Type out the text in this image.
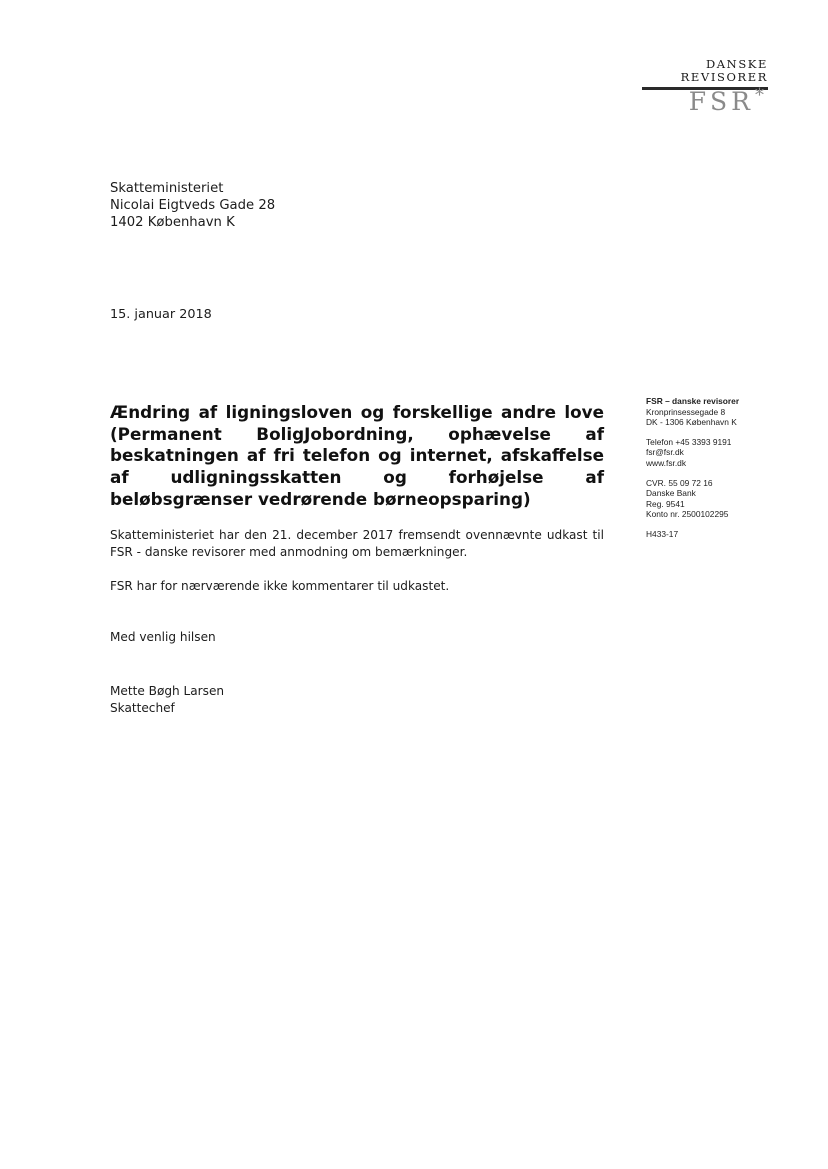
DANSKE
REVISORER
FSR *
Skatteministeriet
Nicolai Eigtveds Gade 28
1402 København K
15. januar 2018
Ændring af ligningsloven og forskellige andre love (Permanent BoligJobordning, ophævelse af beskatningen af fri telefon og internet, afskaffelse af udligningsskatten og forhøjelse af beløbsgrænser vedrørende børneopsparing)
Skatteministeriet har den 21. december 2017 fremsendt ovennævnte udkast til FSR - danske revisorer med anmodning om bemærkninger.
FSR har for nærværende ikke kommentarer til udkastet.
Med venlig hilsen
Mette Bøgh Larsen
Skattechef
FSR – danske revisorer
Kronprinsessegade 8
DK - 1306 København K
Telefon +45 3393 9191
fsr@fsr.dk
www.fsr.dk
CVR. 55 09 72 16
Danske Bank
Reg. 9541
Konto nr. 2500102295
H433-17
